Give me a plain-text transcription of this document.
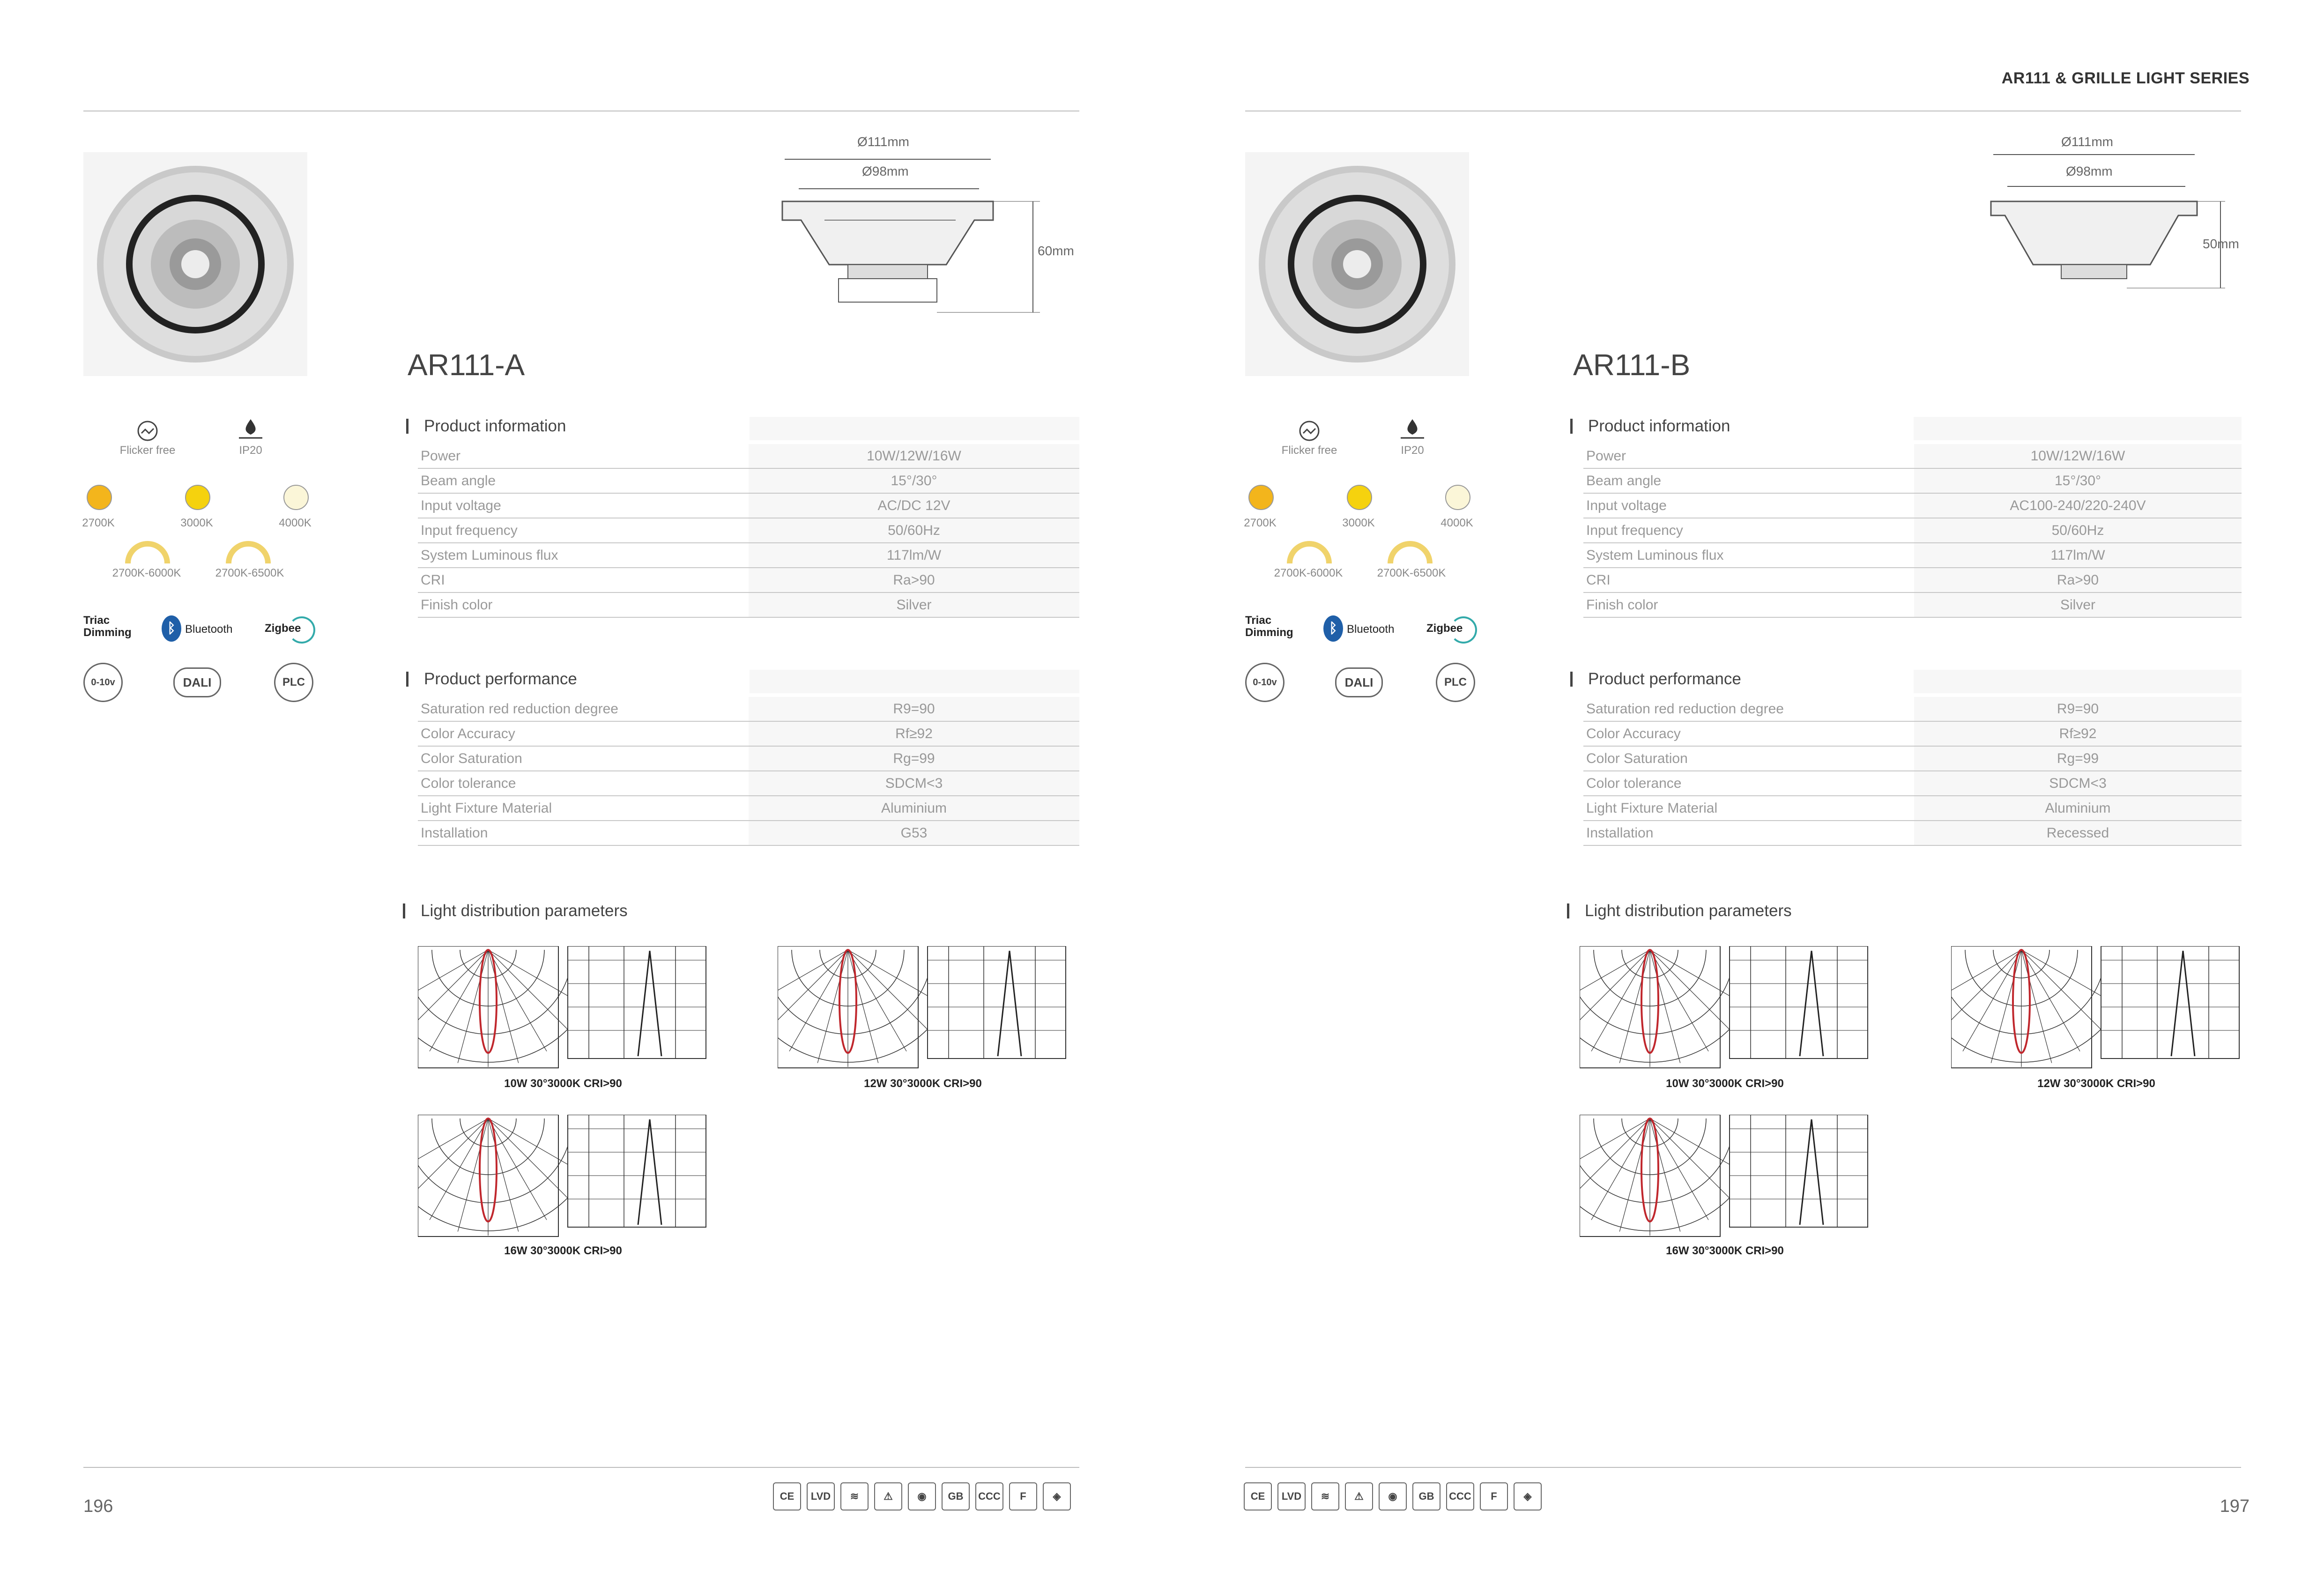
AR111 & GRILLE LIGHT SERIES
196
Ø111mm
Ø98mm
60mm
AR111-A
Flicker free	IP20
2700K	3000K	4000K
2700K-6000K	2700K-6500K
Triac Dimming	ᛒ Bluetooth	Zigbee
0-10v	DALI	PLC
Product information
Power	10W/12W/16W
Beam angle	15°/30°
Input voltage	AC/DC 12V
Input frequency	50/60Hz
System Luminous flux	117lm/W
CRI	Ra>90
Finish color	Silver
Product performance
Saturation red reduction degree	R9=90
Color Accuracy	Rf≥92
Color Saturation	Rg=99
Color tolerance	SDCM<3
Light Fixture Material	Aluminium
Installation	G53
Light distribution parameters
10W 30°3000K CRI>90	12W 30°3000K CRI>90
16W 30°3000K CRI>90
CE	LVD	≋	⚠	◉	GB	CCC	F	◈
197
Ø111mm
Ø98mm
50mm
AR111-B
Flicker free	IP20
2700K	3000K	4000K
2700K-6000K	2700K-6500K
Triac Dimming	ᛒ Bluetooth	Zigbee
0-10v	DALI	PLC
Product information
Power	10W/12W/16W
Beam angle	15°/30°
Input voltage	AC100-240/220-240V
Input frequency	50/60Hz
System Luminous flux	117lm/W
CRI	Ra>90
Finish color	Silver
Product performance
Saturation red reduction degree	R9=90
Color Accuracy	Rf≥92
Color Saturation	Rg=99
Color tolerance	SDCM<3
Light Fixture Material	Aluminium
Installation	Recessed
Light distribution parameters
10W 30°3000K CRI>90	12W 30°3000K CRI>90
16W 30°3000K CRI>90
CE	LVD	≋	⚠	◉	GB	CCC	F	◈
